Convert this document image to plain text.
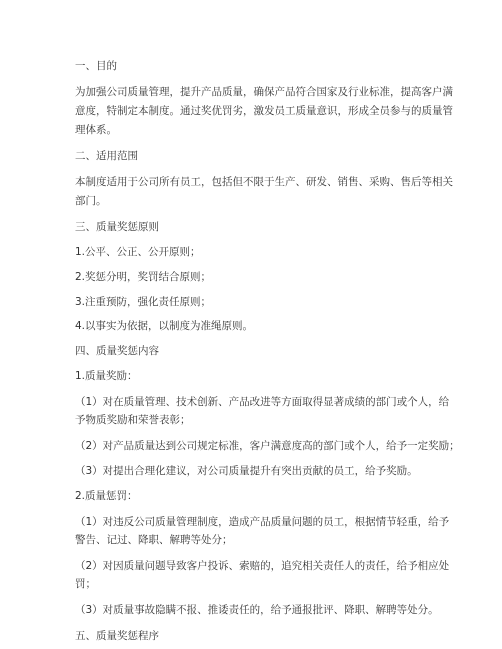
一、目的
为加强公司质量管理，提升产品质量，确保产品符合国家及行业标准，提高客户满
意度，特制定本制度。通过奖优罚劣，激发员工质量意识，形成全员参与的质量管
理体系。
二、适用范围
本制度适用于公司所有员工，包括但不限于生产、研发、销售、采购、售后等相关
部门。
三、质量奖惩原则
1.公平、公正、公开原则；
2.奖惩分明，奖罚结合原则；
3.注重预防，强化责任原则；
4.以事实为依据，以制度为准绳原则。
四、质量奖惩内容
1.质量奖励：
（1）对在质量管理、技术创新、产品改进等方面取得显著成绩的部门或个人，给
予物质奖励和荣誉表彰；
（2）对产品质量达到公司规定标准，客户满意度高的部门或个人，给予一定奖励；
（3）对提出合理化建议，对公司质量提升有突出贡献的员工，给予奖励。
2.质量惩罚：
（1）对违反公司质量管理制度，造成产品质量问题的员工，根据情节轻重，给予
警告、记过、降职、解聘等处分；
（2）对因质量问题导致客户投诉、索赔的，追究相关责任人的责任，给予相应处
罚；
（3）对质量事故隐瞒不报、推诿责任的，给予通报批评、降职、解聘等处分。
五、质量奖惩程序
